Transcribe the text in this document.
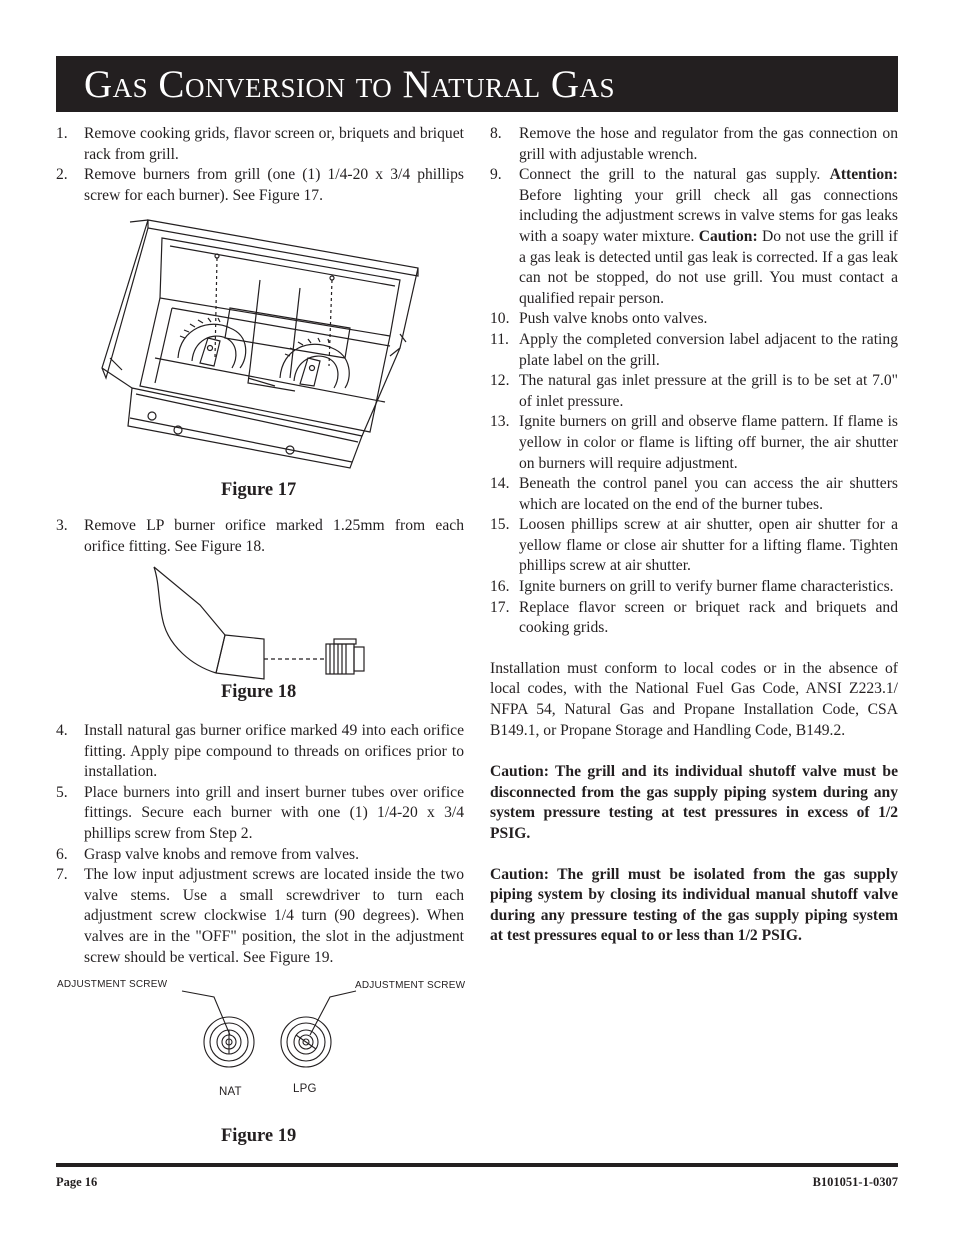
Gas Conversion to Natural Gas
1. Remove cooking grids, flavor screen or, briquets and briquet rack from grill.
2. Remove burners from grill (one (1) 1/4-20 x 3/4 phillips screw for each burner). See Figure 17.
Figure 17
3. Remove LP burner orifice marked 1.25mm from each orifice fitting. See Figure 18.
Figure 18
4. Install natural gas burner orifice marked 49 into each orifice fitting. Apply pipe compound to threads on orifices prior to installation.
5. Place burners into grill and insert burner tubes over orifice fittings. Secure each burner with one (1) 1/4-20 x 3/4 phillips screw from Step 2.
6. Grasp valve knobs and remove from valves.
7. The low input adjustment screws are located inside the two valve stems. Use a small screwdriver to turn each adjustment screw clockwise 1/4 turn (90 degrees). When valves are in the "OFF" position, the slot in the adjustment screw should be vertical. See Figure 19.
ADJUSTMENT SCREW	ADJUSTMENT SCREW
NAT	LPG
Figure 19
8. Remove the hose and regulator from the gas connection on grill with adjustable wrench.
9. Connect the grill to the natural gas supply. Attention: Before lighting your grill check all gas connections including the adjustment screws in valve stems for gas leaks with a soapy water mixture. Caution: Do not use the grill if a gas leak is detected until gas leak is corrected. If a gas leak can not be stopped, do not use grill. You must contact a qualified repair person.
10. Push valve knobs onto valves.
11. Apply the completed conversion label adjacent to the rating plate label on the grill.
12. The natural gas inlet pressure at the grill is to be set at 7.0" of inlet pressure.
13. Ignite burners on grill and observe flame pattern. If flame is yellow in color or flame is lifting off burner, the air shutter on burners will require adjustment.
14. Beneath the control panel you can access the air shutters which are located on the end of the burner tubes.
15. Loosen phillips screw at air shutter, open air shutter for a yellow flame or close air shutter for a lifting flame. Tighten phillips screw at air shutter.
16. Ignite burners on grill to verify burner flame characteristics.
17. Replace flavor screen or briquet rack and briquets and cooking grids.

Installation must conform to local codes or in the absence of local codes, with the National Fuel Gas Code, ANSI Z223.1/ NFPA 54, Natural Gas and Propane Installation Code, CSA B149.1, or Propane Storage and Handling Code, B149.2.

Caution: The grill and its individual shutoff valve must be disconnected from the gas supply piping system during any system pressure testing at test pressures in excess of 1/2 PSIG.

Caution: The grill must be isolated from the gas supply piping system by closing its individual manual shutoff valve during any pressure testing of the gas supply piping system at test pressures equal to or less than 1/2 PSIG.

Page 16	B101051-1-0307
